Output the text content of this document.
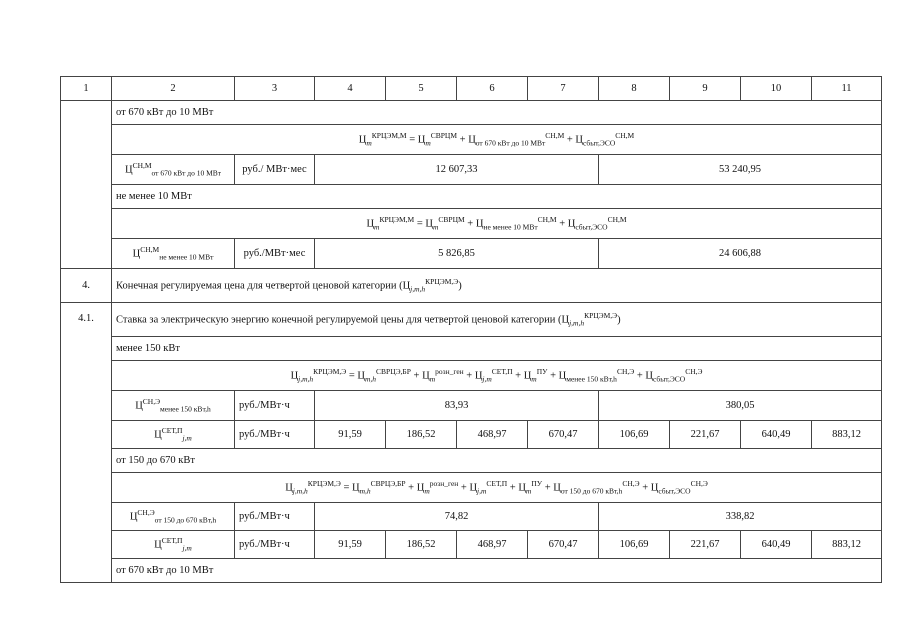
1	2	3	4	5	6	7	8	9	10	11
	от 670 кВт до 10 МВт									
	$Ц_m^{КРЦЭМ,М} = Ц_m^{СВРЦМ} + Ц_{от 670 кВт до 10 МВт}^{СН,М} + Ц_{сбыт,ЭСО}^{СН,М}$
	$Ц^{СН,М}_{от 670 кВт до 10 МВт}$	руб./ МВт·мес	12 607,33				53 240,95			
	не менее 10 МВт									
	$Ц_m^{КРЦЭМ,М} = Ц_m^{СВРЦМ} + Ц_{не менее 10 МВт}^{СН,М} + Ц_{сбыт,ЭСО}^{СН,М}$
	$Ц^{СН,М}_{не менее 10 МВт}$	руб./МВт·мес	5 826,85				24 606,88			
4.	Конечная регулируемая цена для четвертой ценовой категории $(Ц_{j,m,h}^{КРЦЭМ,Э})$									
4.1.	Ставка за электрическую энергию конечной регулируемой цены для четвертой ценовой категории $(Ц_{j,m,h}^{КРЦЭМ,Э})$									
	менее 150 кВт									
	$Ц_{j,m,h}^{КРЦЭМ,Э} = Ц_{m,h}^{СВРЦЭ,БР} + Ц_m^{розн\_ген} + Ц_{j,m}^{СЕТ,П} + Ц_m^{ПУ} + Ц_{менее 150 кВт,h}^{СН,Э} + Ц_{сбыт,ЭСО}^{СН,Э}$
	$Ц^{СН,Э}_{менее 150 кВт,h}$	руб./МВт·ч	83,93				380,05			
	$Ц^{СЕТ,П}_{j,m}$	руб./МВт·ч	91,59	186,52	468,97	670,47	106,69	221,67	640,49	883,12
	от 150 до 670 кВт									
	$Ц_{j,m,h}^{КРЦЭМ,Э} = Ц_{m,h}^{СВРЦЭ,БР} + Ц_m^{розн\_ген} + Ц_{j,m}^{СЕТ,П} + Ц_m^{ПУ} + Ц_{от 150 до 670 кВт,h}^{СН,Э} + Ц_{сбыт,ЭСО}^{СН,Э}$
	$Ц^{СН,Э}_{от 150 до 670 кВт,h}$	руб./МВт·ч	74,82				338,82			
	$Ц^{СЕТ,П}_{j,m}$	руб./МВт·ч	91,59	186,52	468,97	670,47	106,69	221,67	640,49	883,12
	от 670 кВт до 10 МВт									
